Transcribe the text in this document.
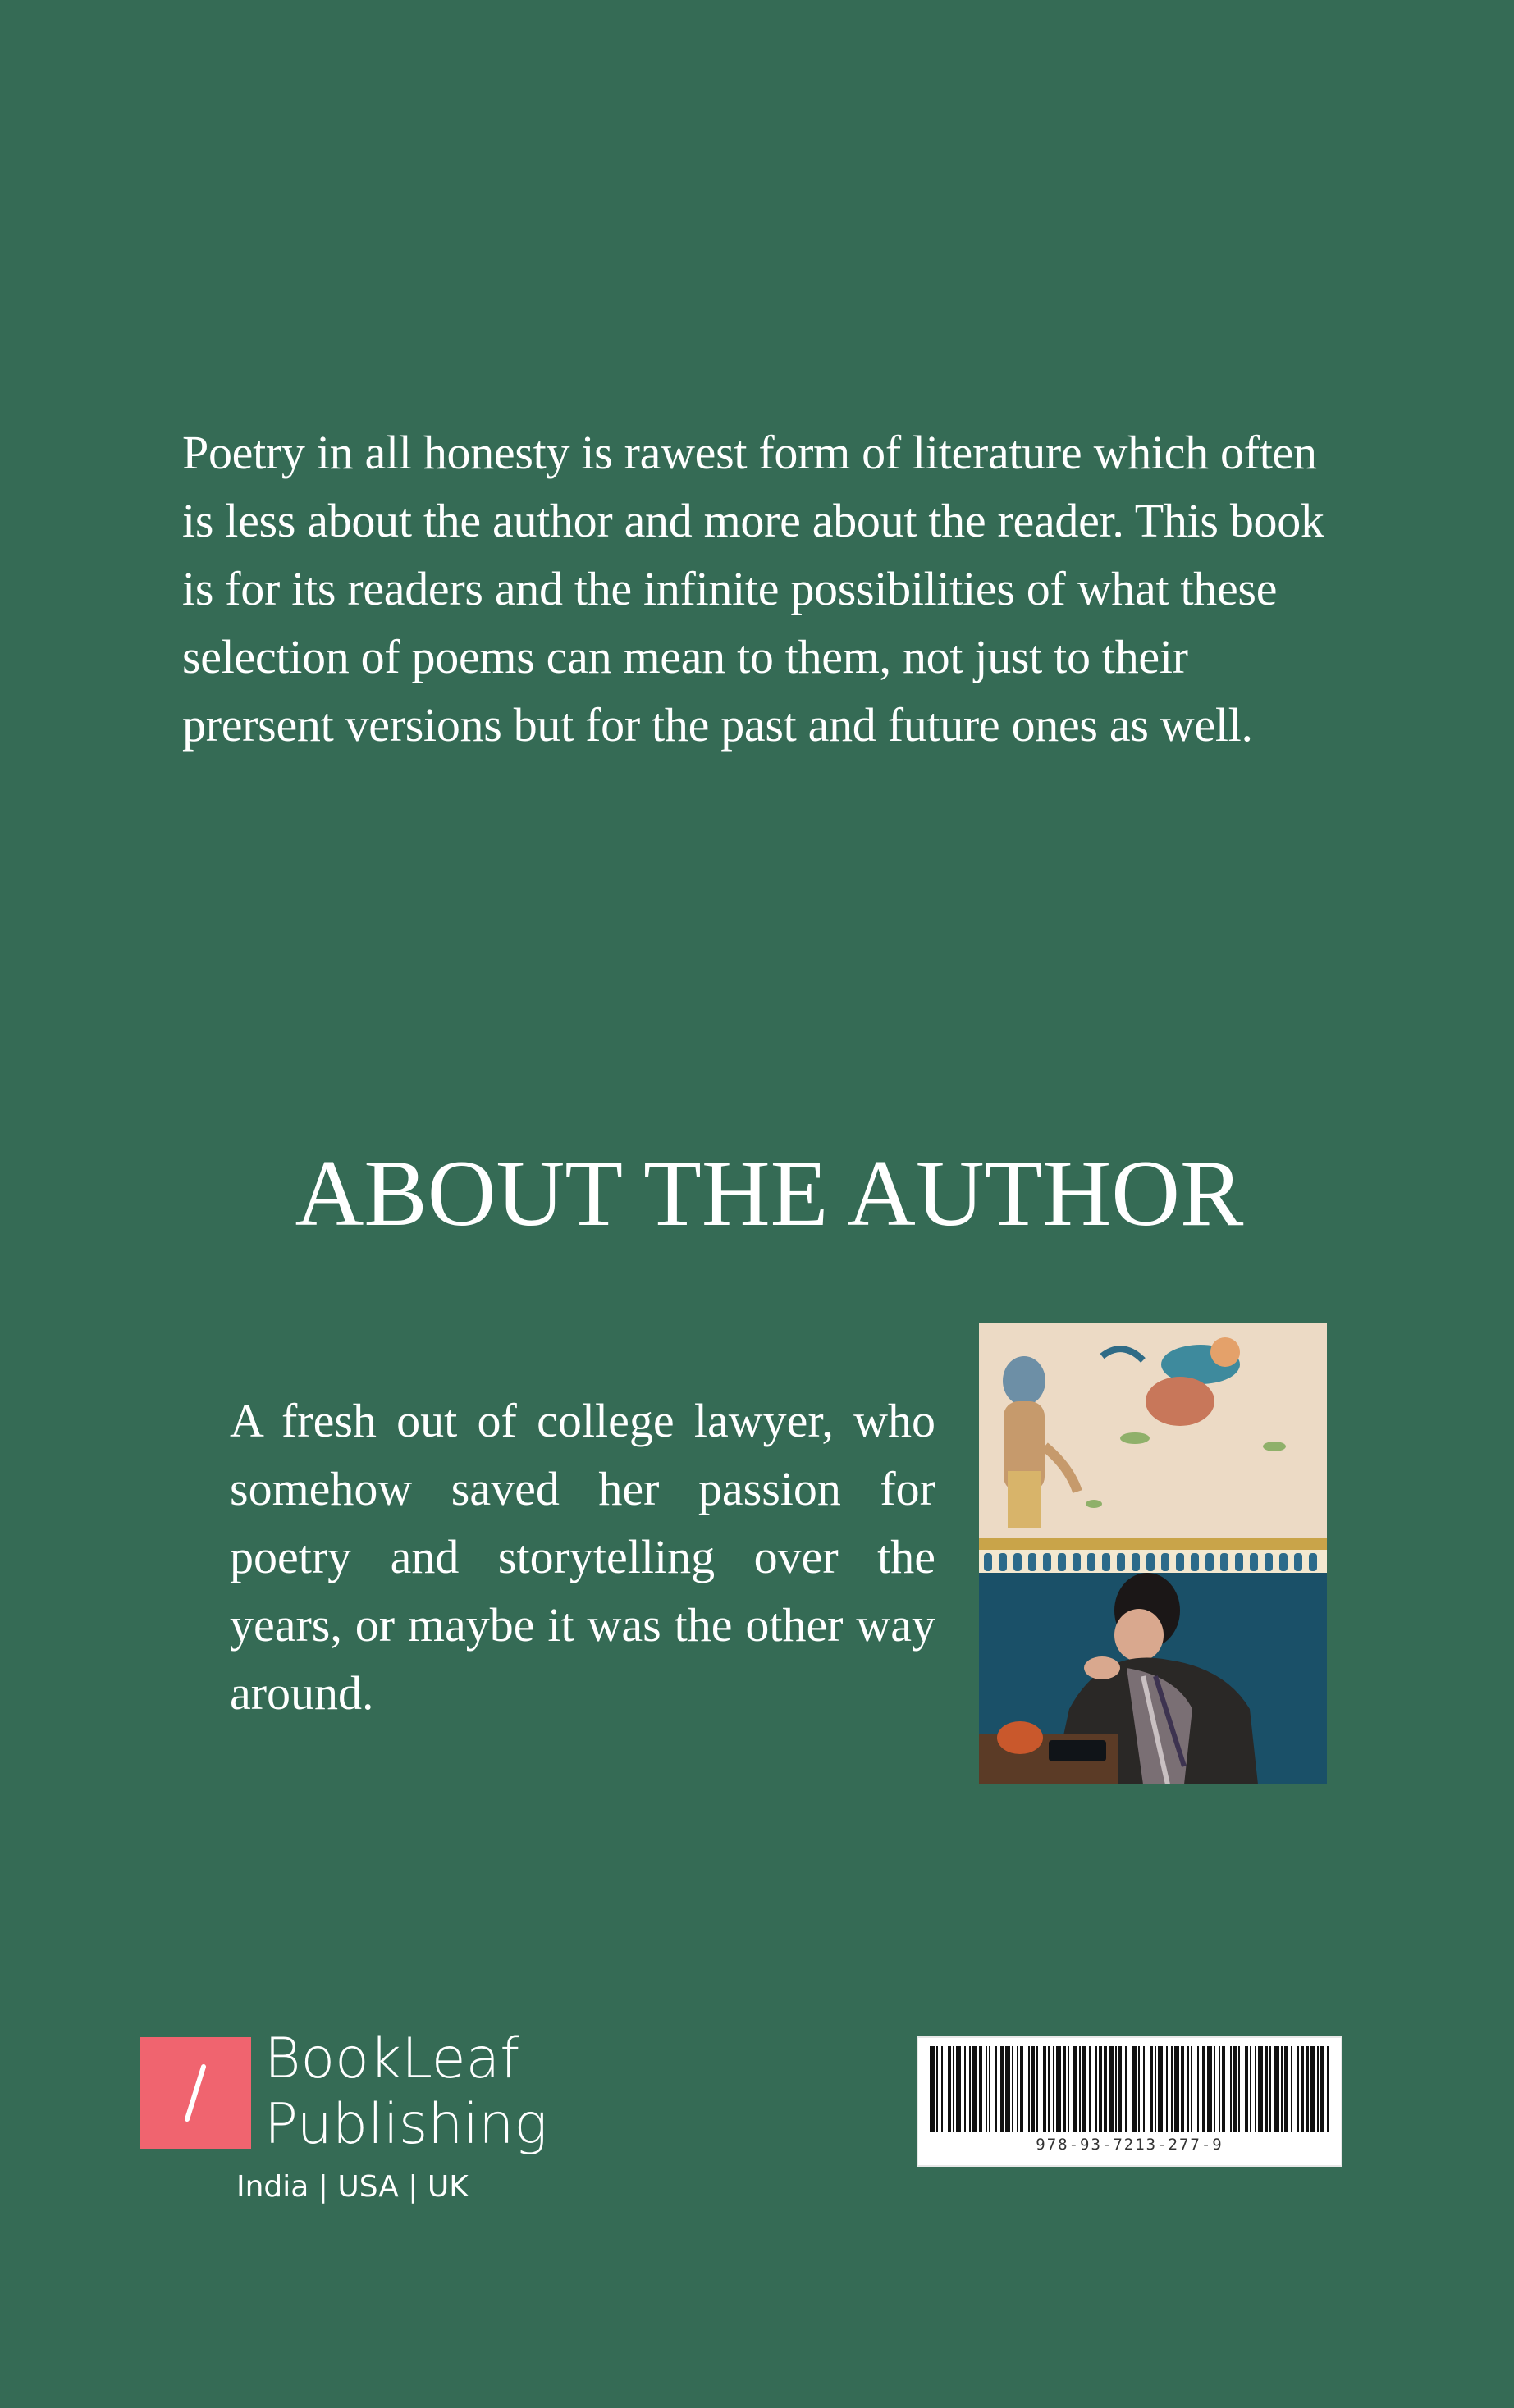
Poetry in all honesty is rawest form of literature which often is less about the author and more about the reader. This book is for its readers and the infinite possibilities of what these selection of poems can mean to them, not just to their prersent versions but for the past and future ones as well.

ABOUT THE AUTHOR

A fresh out of college lawyer, who somehow saved her passion for poetry and storytelling over the years, or maybe it was the other way around.

BookLeaf
Publishing
India | USA | UK
978-93-7213-277-9
